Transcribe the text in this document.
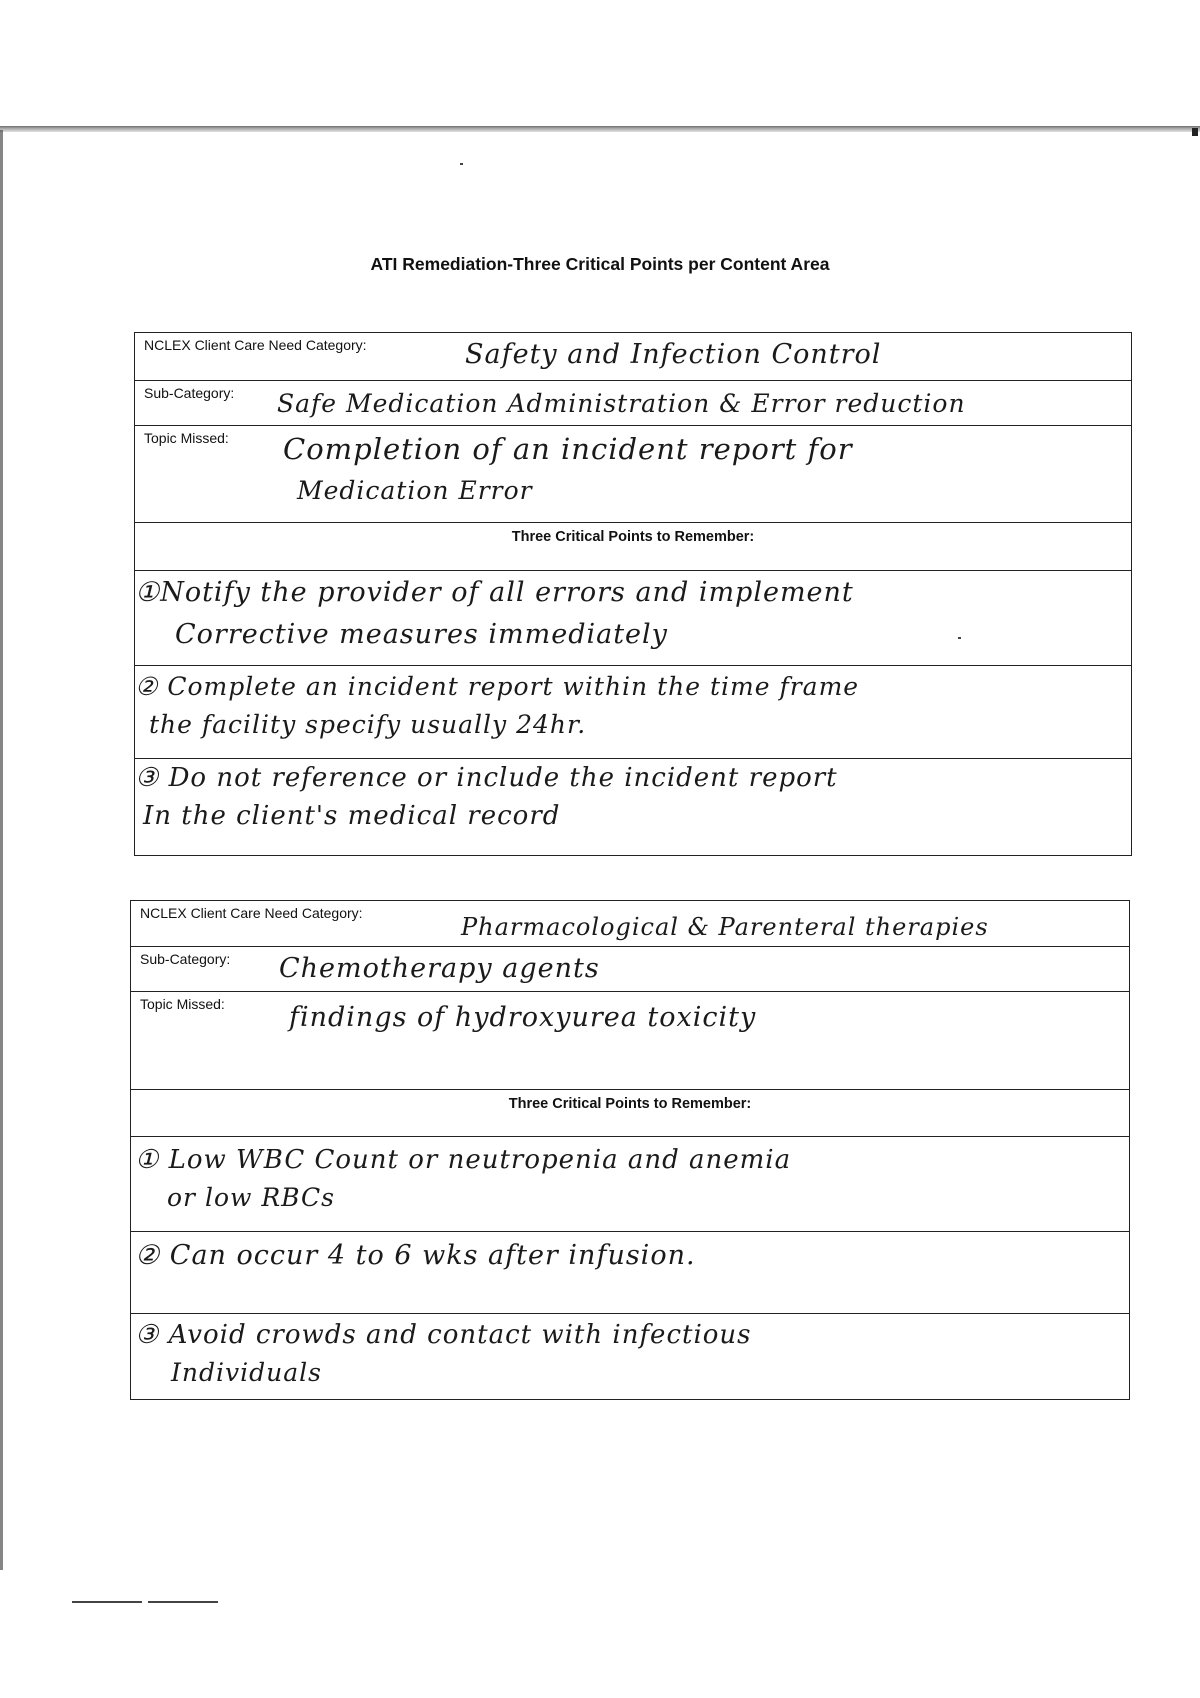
ATI Remediation-Three Critical Points per Content Area
NCLEX Client Care Need Category:	Safety and Infection Control
Sub-Category: Safe Medication Administration & Error reduction
Topic Missed: Completion of an incident report for
Medication Error
Three Critical Points to Remember:
①Notify the provider of all errors and implement
Corrective measures immediately
② Complete an incident report within the time frame
the facility specify usually 24hr.
③ Do not reference or include the incident report
In the client's medical record
NCLEX Client Care Need Category:	Pharmacological & Parenteral therapies
Sub-Category: Chemotherapy agents
Topic Missed: findings of hydroxyurea toxicity
Three Critical Points to Remember:
① Low WBC Count or neutropenia and anemia
or low RBCs
② Can occur 4 to 6 wks after infusion.
③ Avoid crowds and contact with infectious
Individuals
